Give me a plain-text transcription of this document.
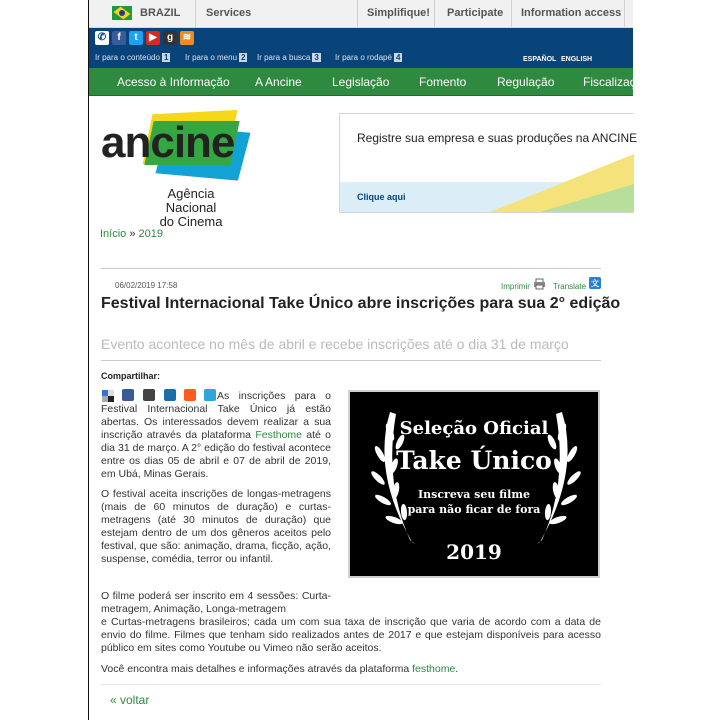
BRAZIL Services	Simplifique! Participate Information access
✆	f	t	▶	g ≋
Ir para o conteúdo 1 Ir para o menu 2 Ir para a busca 3 Ir para o rodapé 4	ESPAÑOL ENGLISH
Acesso à Informação A Ancine	Legislação Fomento	Regulação Fiscalização
ancine
Agência Nacional
do Cinema
Registre sua empresa e suas produções na ANCINE
Clique aqui
Início » 2019
06/02/2019 17:58	Imprimir	Translate 文
Festival Internacional Take Único abre inscrições para sua 2° edição
Evento acontece no mês de abril e recebe inscrições até o dia 31 de março
Compartilhar:
As inscrições para o Festival Internacional Take Único já estão abertas. Os interessados devem realizar a sua inscrição através da plataforma Festhome até o dia 31 de março. A 2° edição do festival acontece entre os dias 05 de abril e 07 de abril de 2019, em Ubá, Minas Gerais.
O festival aceita inscrições de longas-metragens (mais de 60 minutos de duração) e curtas-metragens (até 30 minutos de duração) que estejam dentro de um dos gêneros aceitos pelo festival, que são: animação, drama, ficção, ação, suspense, comédia, terror ou infantil.
O filme poderá ser inscrito em 4 sessões: Curta-metragem, Animação, Longa-metragem
e Curtas-metragens brasileiros; cada um com sua taxa de inscrição que varia de acordo com a data de envio do filme. Filmes que tenham sido realizados antes de 2017 e que estejam disponíveis para acesso público em sites como Youtube ou Vimeo não serão aceitos.
Você encontra mais detalhes e informações através da plataforma festhome.
Seleção Oficial
Take Único
Inscreva seu filme
para não ficar de fora
2019
« voltar
